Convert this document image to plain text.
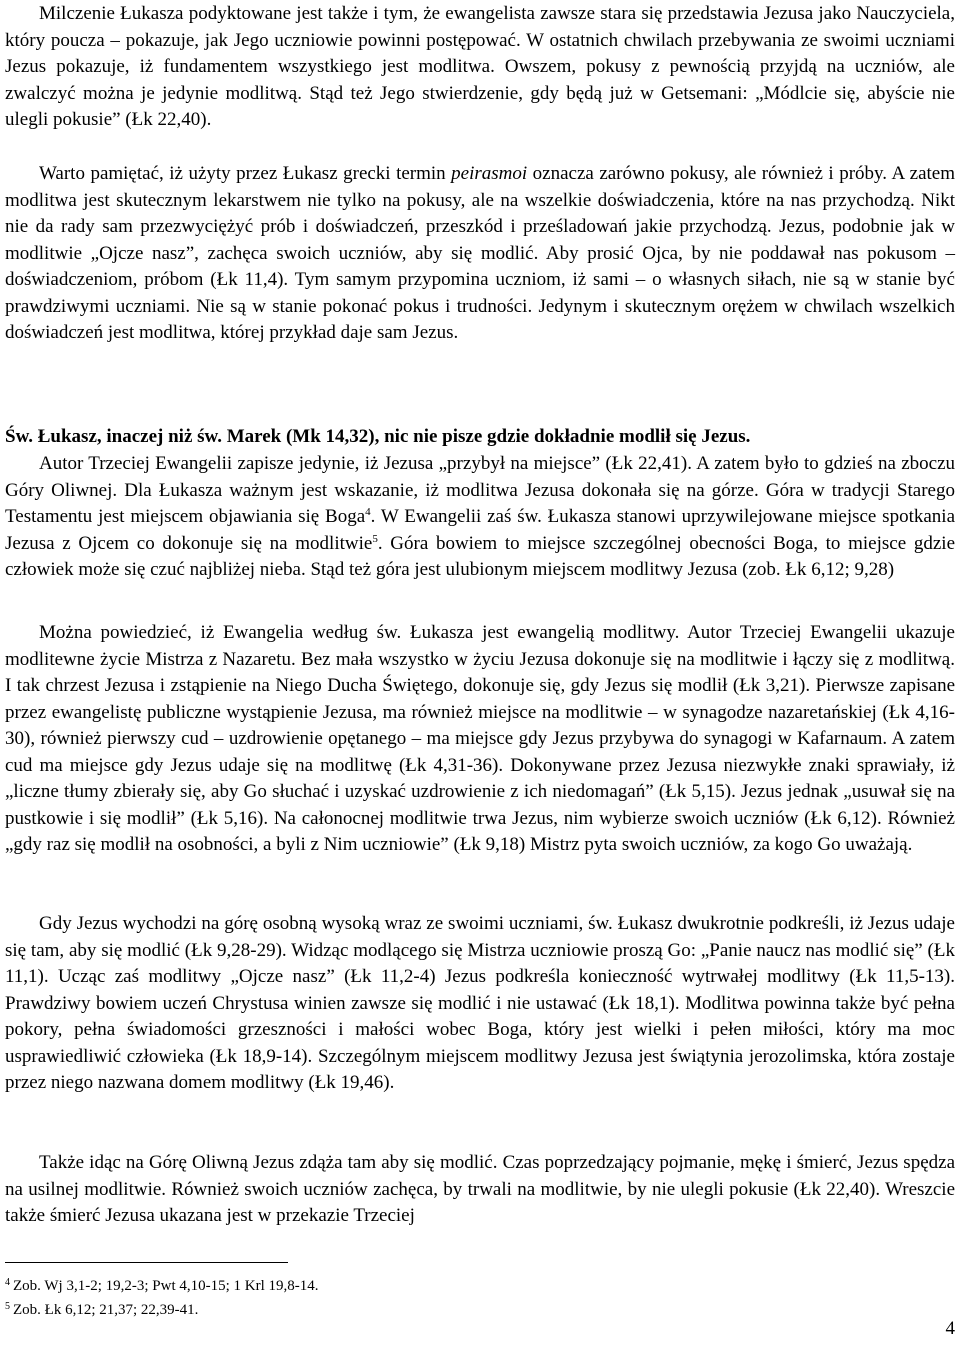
Milczenie Łukasza podyktowane jest także i tym, że ewangelista zawsze stara się przedstawia Jezusa jako Nauczyciela, który poucza – pokazuje, jak Jego uczniowie powinni postępować. W ostatnich chwilach przebywania ze swoimi uczniami Jezus pokazuje, iż fundamentem wszystkiego jest modlitwa. Owszem, pokusy z pewnością przyjdą na uczniów, ale zwalczyć można je jedynie modlitwą. Stąd też Jego stwierdzenie, gdy będą już w Getsemani: „Módlcie się, abyście nie ulegli pokusie” (Łk 22,40).

Warto pamiętać, iż użyty przez Łukasz grecki termin peirasmoi oznacza zarówno pokusy, ale również i próby. A zatem modlitwa jest skutecznym lekarstwem nie tylko na pokusy, ale na wszelkie doświadczenia, które na nas przychodzą. Nikt nie da rady sam przezwyciężyć prób i doświadczeń, przeszkód i prześladowań jakie przychodzą. Jezus, podobnie jak w modlitwie „Ojcze nasz”, zachęca swoich uczniów, aby się modlić. Aby prosić Ojca, by nie poddawał nas pokusom – doświadczeniom, próbom (Łk 11,4). Tym samym przypomina uczniom, iż sami – o własnych siłach, nie są w stanie być prawdziwymi uczniami. Nie są w stanie pokonać pokus i trudności. Jedynym i skutecznym orężem w chwilach wszelkich doświadczeń jest modlitwa, której przykład daje sam Jezus.

Św. Łukasz, inaczej niż św. Marek (Mk 14,32), nic nie pisze gdzie dokładnie modlił się Jezus.

Autor Trzeciej Ewangelii zapisze jedynie, iż Jezusa „przybył na miejsce” (Łk 22,41). A zatem było to gdzieś na zboczu Góry Oliwnej. Dla Łukasza ważnym jest wskazanie, iż modlitwa Jezusa dokonała się na górze. Góra w tradycji Starego Testamentu jest miejscem objawiania się Boga$^4$. W Ewangelii zaś św. Łukasza stanowi uprzywilejowane miejsce spotkania Jezusa z Ojcem co dokonuje się na modlitwie$^5$. Góra bowiem to miejsce szczególnej obecności Boga, to miejsce gdzie człowiek może się czuć najbliżej nieba. Stąd też góra jest ulubionym miejscem modlitwy Jezusa (zob. Łk 6,12; 9,28)

Można powiedzieć, iż Ewangelia według św. Łukasza jest ewangelią modlitwy. Autor Trzeciej Ewangelii ukazuje modlitewne życie Mistrza z Nazaretu. Bez mała wszystko w życiu Jezusa dokonuje się na modlitwie i łączy się z modlitwą. I tak chrzest Jezusa i zstąpienie na Niego Ducha Świętego, dokonuje się, gdy Jezus się modlił (Łk 3,21). Pierwsze zapisane przez ewangelistę publiczne wystąpienie Jezusa, ma również miejsce na modlitwie – w synagodze nazaretańskiej (Łk 4,16-30), również pierwszy cud – uzdrowienie opętanego – ma miejsce gdy Jezus przybywa do synagogi w Kafarnaum. A zatem cud ma miejsce gdy Jezus udaje się na modlitwę (Łk 4,31-36). Dokonywane przez Jezusa niezwykłe znaki sprawiały, iż „liczne tłumy zbierały się, aby Go słuchać i uzyskać uzdrowienie z ich niedomagań” (Łk 5,15). Jezus jednak „usuwał się na pustkowie i się modlił” (Łk 5,16). Na całonocnej modlitwie trwa Jezus, nim wybierze swoich uczniów (Łk 6,12). Również „gdy raz się modlił na osobności, a byli z Nim uczniowie” (Łk 9,18) Mistrz pyta swoich uczniów, za kogo Go uważają.

Gdy Jezus wychodzi na górę osobną wysoką wraz ze swoimi uczniami, św. Łukasz dwukrotnie podkreśli, iż Jezus udaje się tam, aby się modlić (Łk 9,28-29). Widząc modlącego się Mistrza uczniowie proszą Go: „Panie naucz nas modlić się” (Łk 11,1). Ucząc zaś modlitwy „Ojcze nasz” (Łk 11,2-4) Jezus podkreśla konieczność wytrwałej modlitwy (Łk 11,5-13). Prawdziwy bowiem uczeń Chrystusa winien zawsze się modlić i nie ustawać (Łk 18,1). Modlitwa powinna także być pełna pokory, pełna świadomości grzeszności i małości wobec Boga, który jest wielki i pełen miłości, który ma moc usprawiedliwić człowieka (Łk 18,9-14). Szczególnym miejscem modlitwy Jezusa jest świątynia jerozolimska, która zostaje przez niego nazwana domem modlitwy (Łk 19,46).

Także idąc na Górę Oliwną Jezus zdąża tam aby się modlić. Czas poprzedzający pojmanie, mękę i śmierć, Jezus spędza na usilnej modlitwie. Również swoich uczniów zachęca, by trwali na modlitwie, by nie ulegli pokusie (Łk 22,40). Wreszcie także śmierć Jezusa ukazana jest w przekazie Trzeciej

$^4$ Zob. Wj 3,1-2; 19,2-3; Pwt 4,10-15; 1 Krl 19,8-14.

$^5$ Zob. Łk 6,12; 21,37; 22,39-41.

4
